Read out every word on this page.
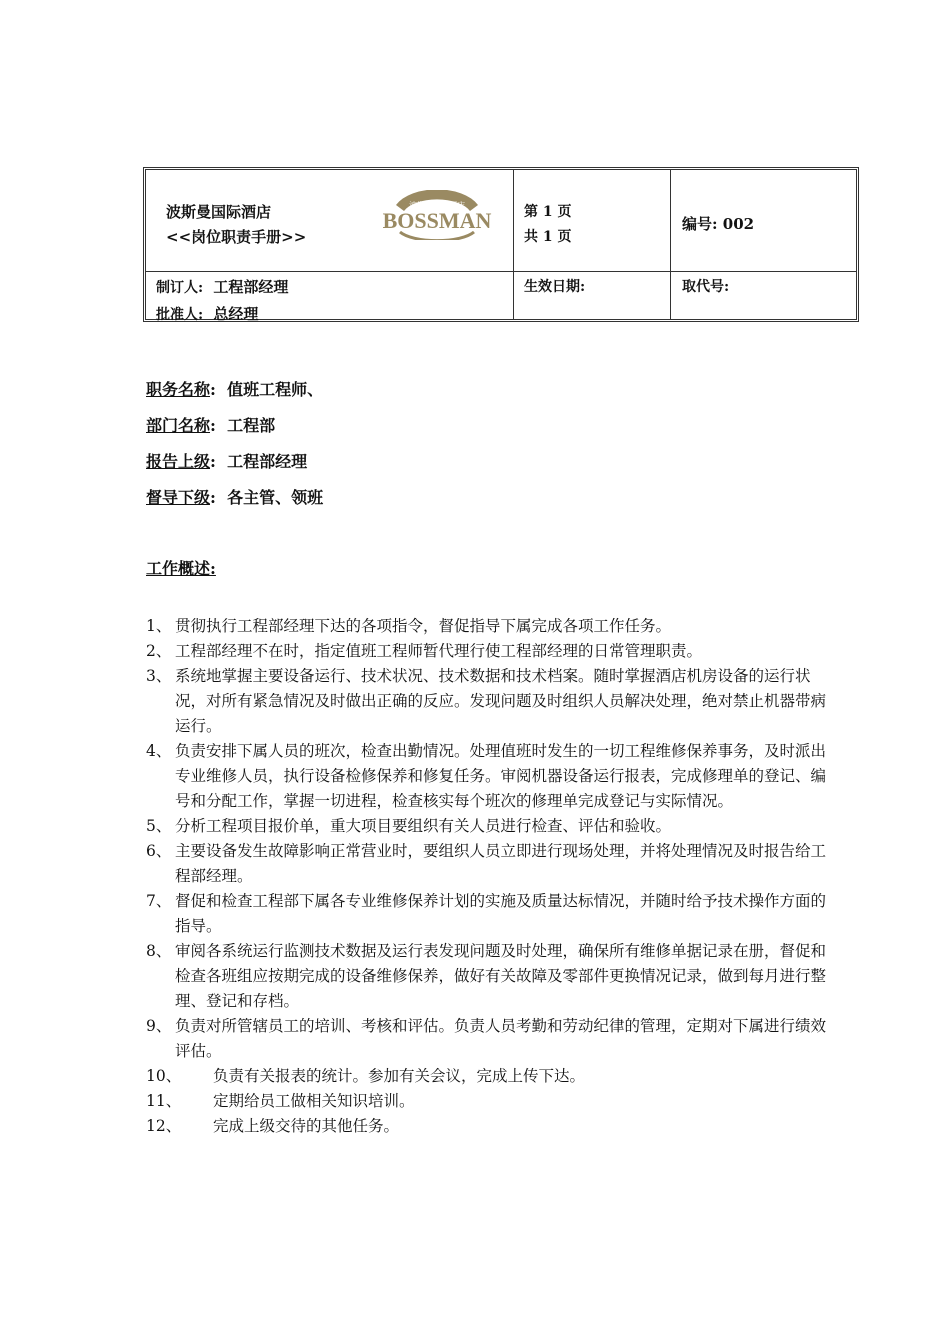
波斯曼国际酒店
<<岗位职责手册>>
波斯曼国际酒店
BOSSMAN 第 1 页
共 1 页
编号: 002
制订人: 工程部经理
批准人: 总经理
生效日期:	取代号:
职务名称:  值班工程师、
部门名称:  工程部
报告上级:  工程部经理
督导下级:  各主管、领班
工作概述:
1、 贯彻执行工程部经理下达的各项指令，督促指导下属完成各项工作任务。
2、 工程部经理不在时，指定值班工程师暂代理行使工程部经理的日常管理职责。
3、 系统地掌握主要设备运行、技术状况、技术数据和技术档案。随时掌握酒店机房设备的运行状况，对所有紧急情况及时做出正确的反应。发现问题及时组织人员解决处理，绝对禁止机器带病运行。
4、 负责安排下属人员的班次，检查出勤情况。处理值班时发生的一切工程维修保养事务，及时派出专业维修人员，执行设备检修保养和修复任务。审阅机器设备运行报表，完成修理单的登记、编号和分配工作，掌握一切进程，检查核实每个班次的修理单完成登记与实际情况。
5、 分析工程项目报价单，重大项目要组织有关人员进行检查、评估和验收。
6、 主要设备发生故障影响正常营业时，要组织人员立即进行现场处理，并将处理情况及时报告给工程部经理。
7、 督促和检查工程部下属各专业维修保养计划的实施及质量达标情况，并随时给予技术操作方面的指导。
8、 审阅各系统运行监测技术数据及运行表发现问题及时处理，确保所有维修单据记录在册，督促和检查各班组应按期完成的设备维修保养，做好有关故障及零部件更换情况记录，做到每月进行整理、登记和存档。
9、 负责对所管辖员工的培训、考核和评估。负责人员考勤和劳动纪律的管理，定期对下属进行绩效评估。
10、 负责有关报表的统计。参加有关会议，完成上传下达。
11、 定期给员工做相关知识培训。
12、 完成上级交待的其他任务。
